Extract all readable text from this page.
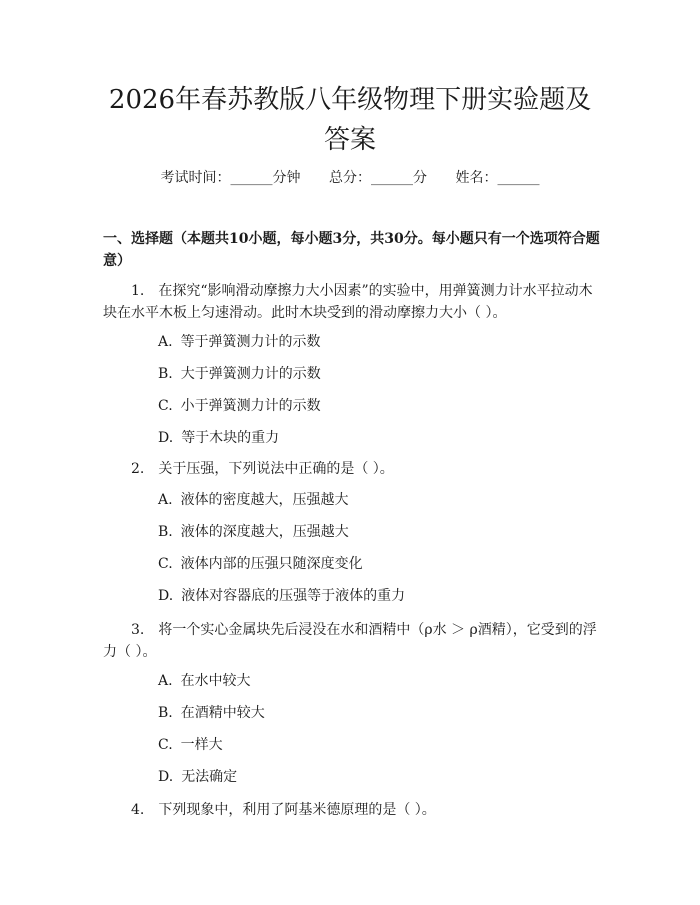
2026年春苏教版八年级物理下册实验题及答案
考试时间：______分钟 总分：______分 姓名：______

一、选择题（本题共10小题，每小题3分，共30分。每小题只有一个选项符合题意）

1. 在探究“影响滑动摩擦力大小因素”的实验中，用弹簧测力计水平拉动木块在水平木板上匀速滑动。此时木块受到的滑动摩擦力大小（ ）。

A. 等于弹簧测力计的示数

B. 大于弹簧测力计的示数

C. 小于弹簧测力计的示数

D. 等于木块的重力

2. 关于压强，下列说法中正确的是（ ）。

A. 液体的密度越大，压强越大

B. 液体的深度越大，压强越大

C. 液体内部的压强只随深度变化

D. 液体对容器底的压强等于液体的重力

3. 将一个实心金属块先后浸没在水和酒精中（ρ水 ＞ ρ酒精），它受到的浮力（ ）。

A. 在水中较大

B. 在酒精中较大

C. 一样大

D. 无法确定

4. 下列现象中，利用了阿基米德原理的是（ ）。
